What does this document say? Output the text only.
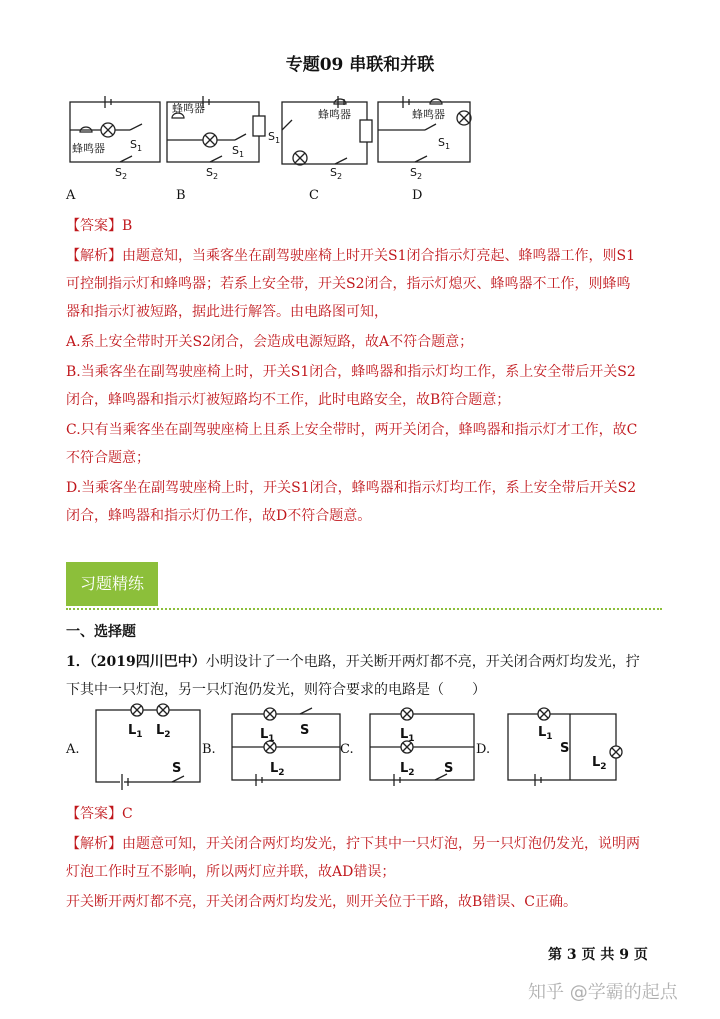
专题09 串联和并联
蜂鸣器 $S_1$
$S_2$
蜂鸣器
$S_1$
$S_2$
蜂鸣器
$S_1$
$S_2$
蜂鸣器
$S_1$
$S_2$
A	B	C	D
【答案】B
【解析】由题意知，当乘客坐在副驾驶座椅上时开关S1闭合指示灯亮起、蜂鸣器工作，则S1
可控制指示灯和蜂鸣器；若系上安全带，开关S2闭合，指示灯熄灭、蜂鸣器不工作，则蜂鸣
器和指示灯被短路，据此进行解答。由电路图可知，
A.系上安全带时开关S2闭合，会造成电源短路，故A不符合题意；
B.当乘客坐在副驾驶座椅上时，开关S1闭合，蜂鸣器和指示灯均工作，系上安全带后开关S2
闭合，蜂鸣器和指示灯被短路均不工作，此时电路安全，故B符合题意；
C.只有当乘客坐在副驾驶座椅上且系上安全带时，两开关闭合，蜂鸣器和指示灯才工作，故C
不符合题意；
D.当乘客坐在副驾驶座椅上时，开关S1闭合，蜂鸣器和指示灯均工作，系上安全带后开关S2
闭合，蜂鸣器和指示灯仍工作，故D不符合题意。
习题精练
一、选择题
1．（2019四川巴中）小明设计了一个电路，开关断开两灯都不亮，开关闭合两灯均发光，拧
下其中一只灯泡，另一只灯泡仍发光，则符合要求的电路是（　　）
$L_1$ $L_2$
S
$L_1$
S
$L_2$
$L_1$
$L_2$ S
$L_1$
S
$L_2$
A.	B.	C.	D.
【答案】C
【解析】由题意可知，开关闭合两灯均发光，拧下其中一只灯泡，另一只灯泡仍发光，说明两
灯泡工作时互不影响，所以两灯应并联，故AD错误；
开关断开两灯都不亮，开关闭合两灯均发光，则开关位于干路，故B错误、C正确。
第 3 页 共 9 页
知乎 @学霸的起点
